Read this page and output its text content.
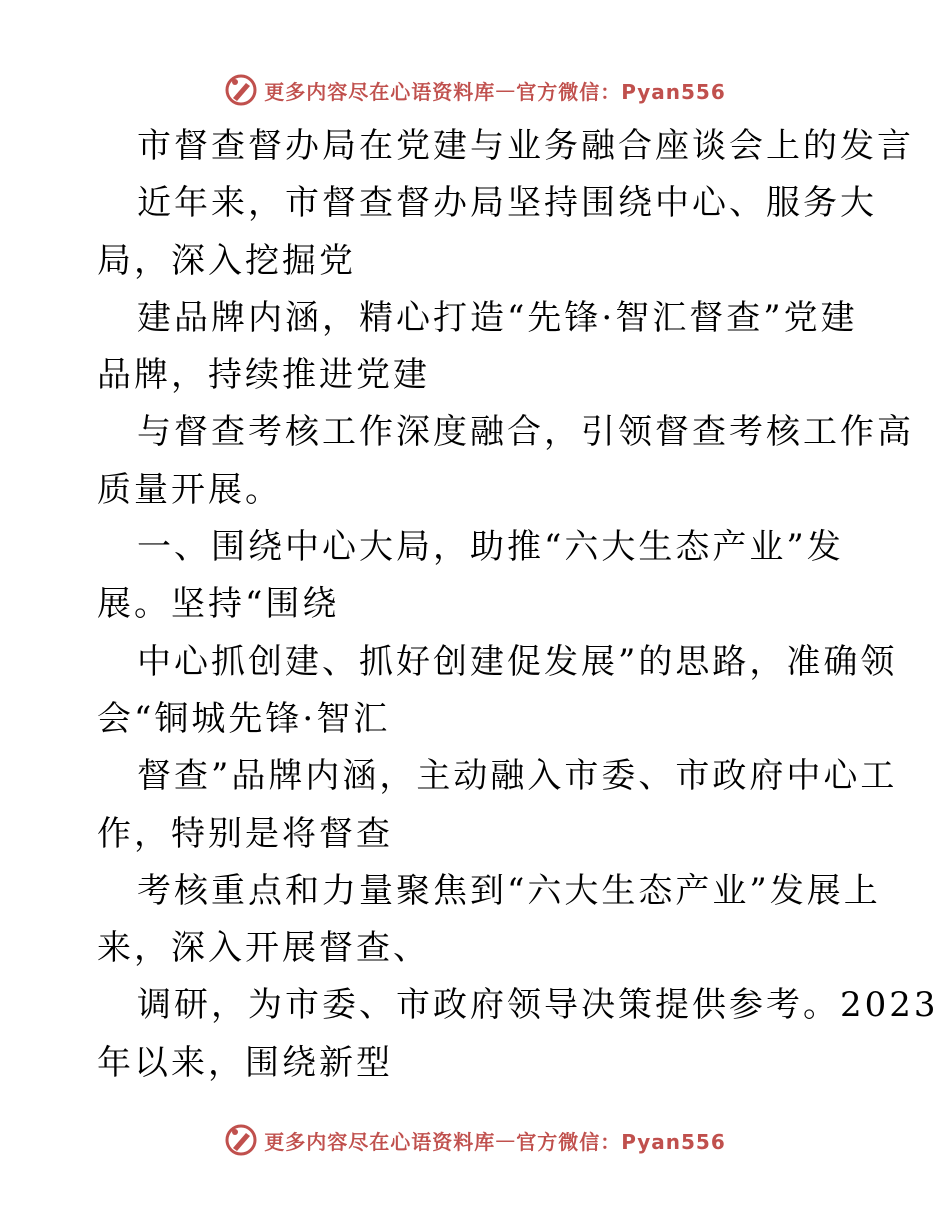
更多内容尽在心语资料库 — 官方微信：Pyan556
市督查督办局在党建与业务融合座谈会上的发言
近年来，市督查督办局坚持围绕中心、服务大
局，深入挖掘党
建品牌内涵，精心打造“先锋·智汇督查”党建
品牌，持续推进党建
与督查考核工作深度融合，引领督查考核工作高
质量开展。
一、围绕中心大局，助推“六大生态产业”发
展。坚持“围绕
中心抓创建、抓好创建促发展”的思路，准确领
会“铜城先锋·智汇
督查”品牌内涵，主动融入市委、市政府中心工
作，特别是将督查
考核重点和力量聚焦到“六大生态产业”发展上
来，深入开展督查、
调研，为市委、市政府领导决策提供参考。2023
年以来，围绕新型
更多内容尽在心语资料库 — 官方微信：Pyan556
